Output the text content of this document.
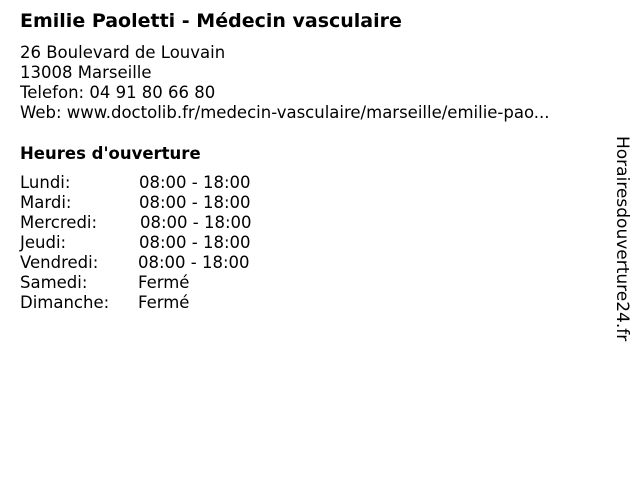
Emilie Paoletti - Médecin vasculaire
26 Boulevard de Louvain
13008 Marseille
Telefon: 04 91 80 66 80
Web: www.doctolib.fr/medecin-vasculaire/marseille/emilie-pao...
Heures d'ouverture
Lundi:	08:00 - 18:00
Mardi:	08:00 - 18:00
Mercredi:	08:00 - 18:00
Jeudi:	08:00 - 18:00
Vendredi: 08:00 - 18:00
Samedi:	Fermé
Dimanche: Fermé	Horairesdouverture24.fr
